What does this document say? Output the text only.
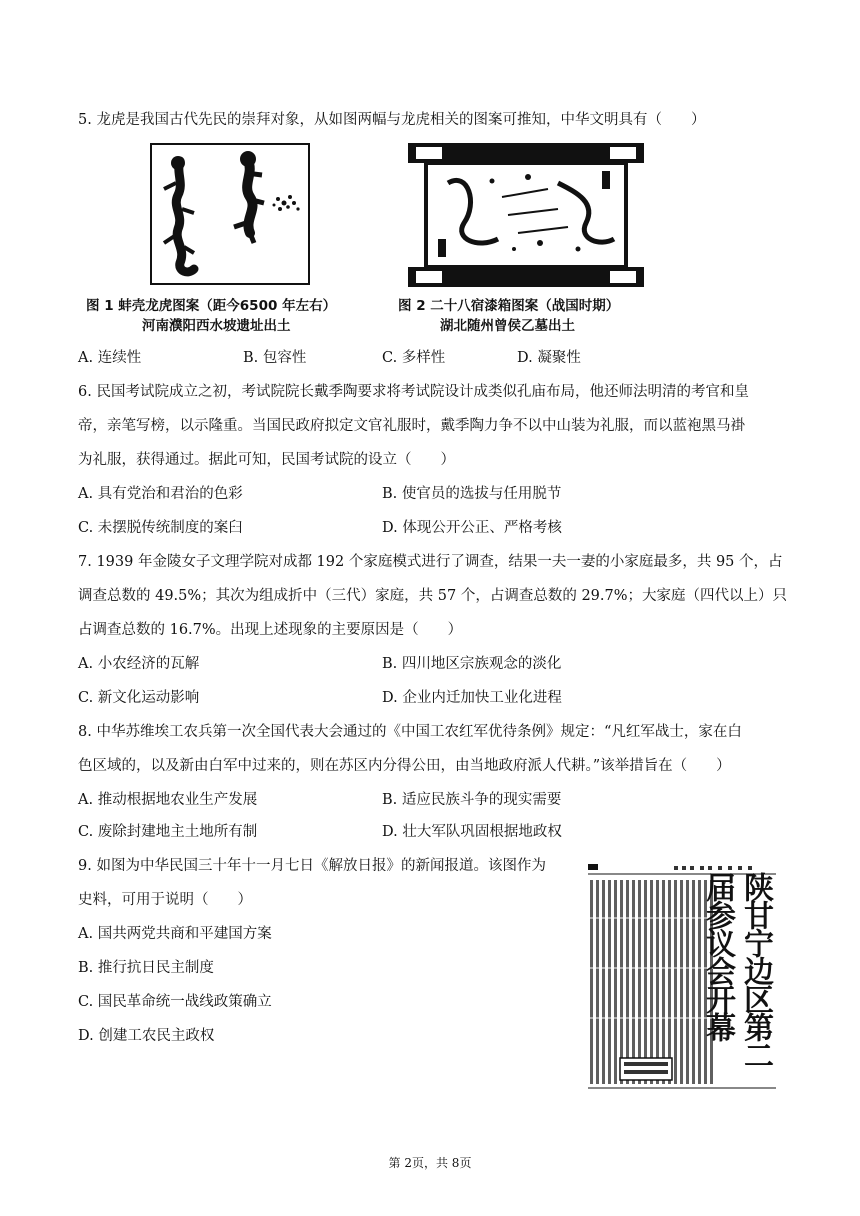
5. 龙虎是我国古代先民的崇拜对象，从如图两幅与龙虎相关的图案可推知，中华文明具有（　　）
图 1 蚌壳龙虎图案（距今6500 年左右）
河南濮阳西水坡遗址出土
图 2 二十八宿漆箱图案（战国时期）
湖北随州曾侯乙墓出土
A. 连续性	B. 包容性	C. 多样性	D. 凝聚性
6. 民国考试院成立之初，考试院院长戴季陶要求将考试院设计成类似孔庙布局，他还师法明清的考官和皇
帝，亲笔写榜，以示隆重。当国民政府拟定文官礼服时，戴季陶力争不以中山装为礼服，而以蓝袍黑马褂
为礼服，获得通过。据此可知，民国考试院的设立（　　）
A. 具有党治和君治的色彩	B. 使官员的选拔与任用脱节
C. 未摆脱传统制度的案臼	D. 体现公开公正、严格考核
7. 1939 年金陵女子文理学院对成都 192 个家庭模式进行了调查，结果一夫一妻的小家庭最多，共 95 个，占
调查总数的 49.5%；其次为组成折中（三代）家庭，共 57 个，占调查总数的 29.7%；大家庭（四代以上）只
占调查总数的 16.7%。出现上述现象的主要原因是（　　）
A. 小农经济的瓦解	B. 四川地区宗族观念的淡化
C. 新文化运动影响	D. 企业内迁加快工业化进程
8. 中华苏维埃工农兵第一次全国代表大会通过的《中国工农红军优待条例》规定：“凡红军战士，家在白
色区域的，以及新由白军中过来的，则在苏区内分得公田，由当地政府派人代耕。”该举措旨在（　　）
A. 推动根据地农业生产发展	B. 适应民族斗争的现实需要
C. 废除封建地主土地所有制	D. 壮大军队巩固根据地政权
9. 如图为中华民国三十年十一月七日《解放日报》的新闻报道。该图作为
史料，可用于说明（　　）
A. 国共两党共商和平建国方案
B. 推行抗日民主制度
C. 国民革命统一战线政策确立
D. 创建工农民主政权	陕甘宁边区第二届参议会开幕
第 2页，共 8页
